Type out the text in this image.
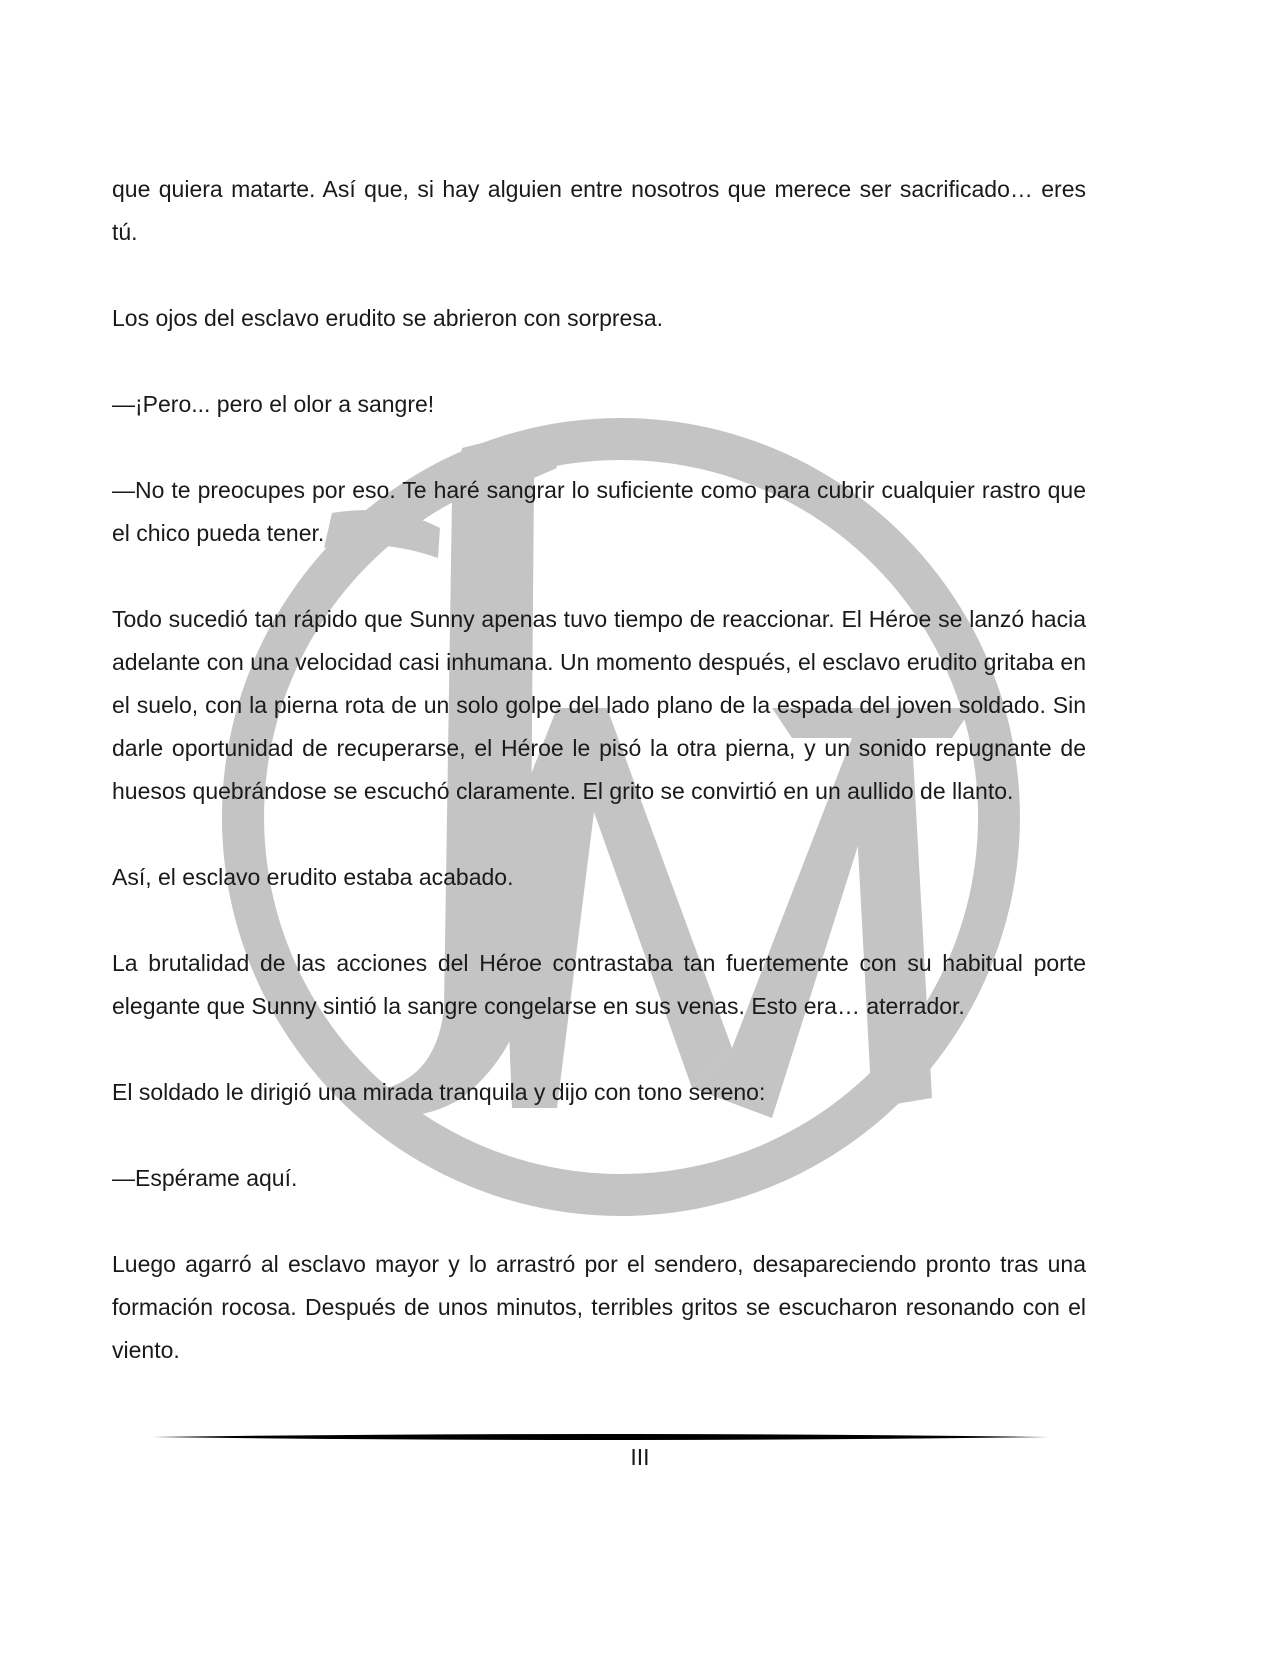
que quiera matarte. Así que, si hay alguien entre nosotros que merece ser sacrificado… eres tú.

Los ojos del esclavo erudito se abrieron con sorpresa.

—¡Pero... pero el olor a sangre!

—No te preocupes por eso. Te haré sangrar lo suficiente como para cubrir cualquier rastro que el chico pueda tener.

Todo sucedió tan rápido que Sunny apenas tuvo tiempo de reaccionar. El Héroe se lanzó hacia adelante con una velocidad casi inhumana. Un momento después, el esclavo erudito gritaba en el suelo, con la pierna rota de un solo golpe del lado plano de la espada del joven soldado. Sin darle oportunidad de recuperarse, el Héroe le pisó la otra pierna, y un sonido repugnante de huesos quebrándose se escuchó claramente. El grito se convirtió en un aullido de llanto.

Así, el esclavo erudito estaba acabado.

La brutalidad de las acciones del Héroe contrastaba tan fuertemente con su habitual porte elegante que Sunny sintió la sangre congelarse en sus venas. Esto era… aterrador.

El soldado le dirigió una mirada tranquila y dijo con tono sereno:

—Espérame aquí.

Luego agarró al esclavo mayor y lo arrastró por el sendero, desapareciendo pronto tras una formación rocosa. Después de unos minutos, terribles gritos se escucharon resonando con el viento.

III
